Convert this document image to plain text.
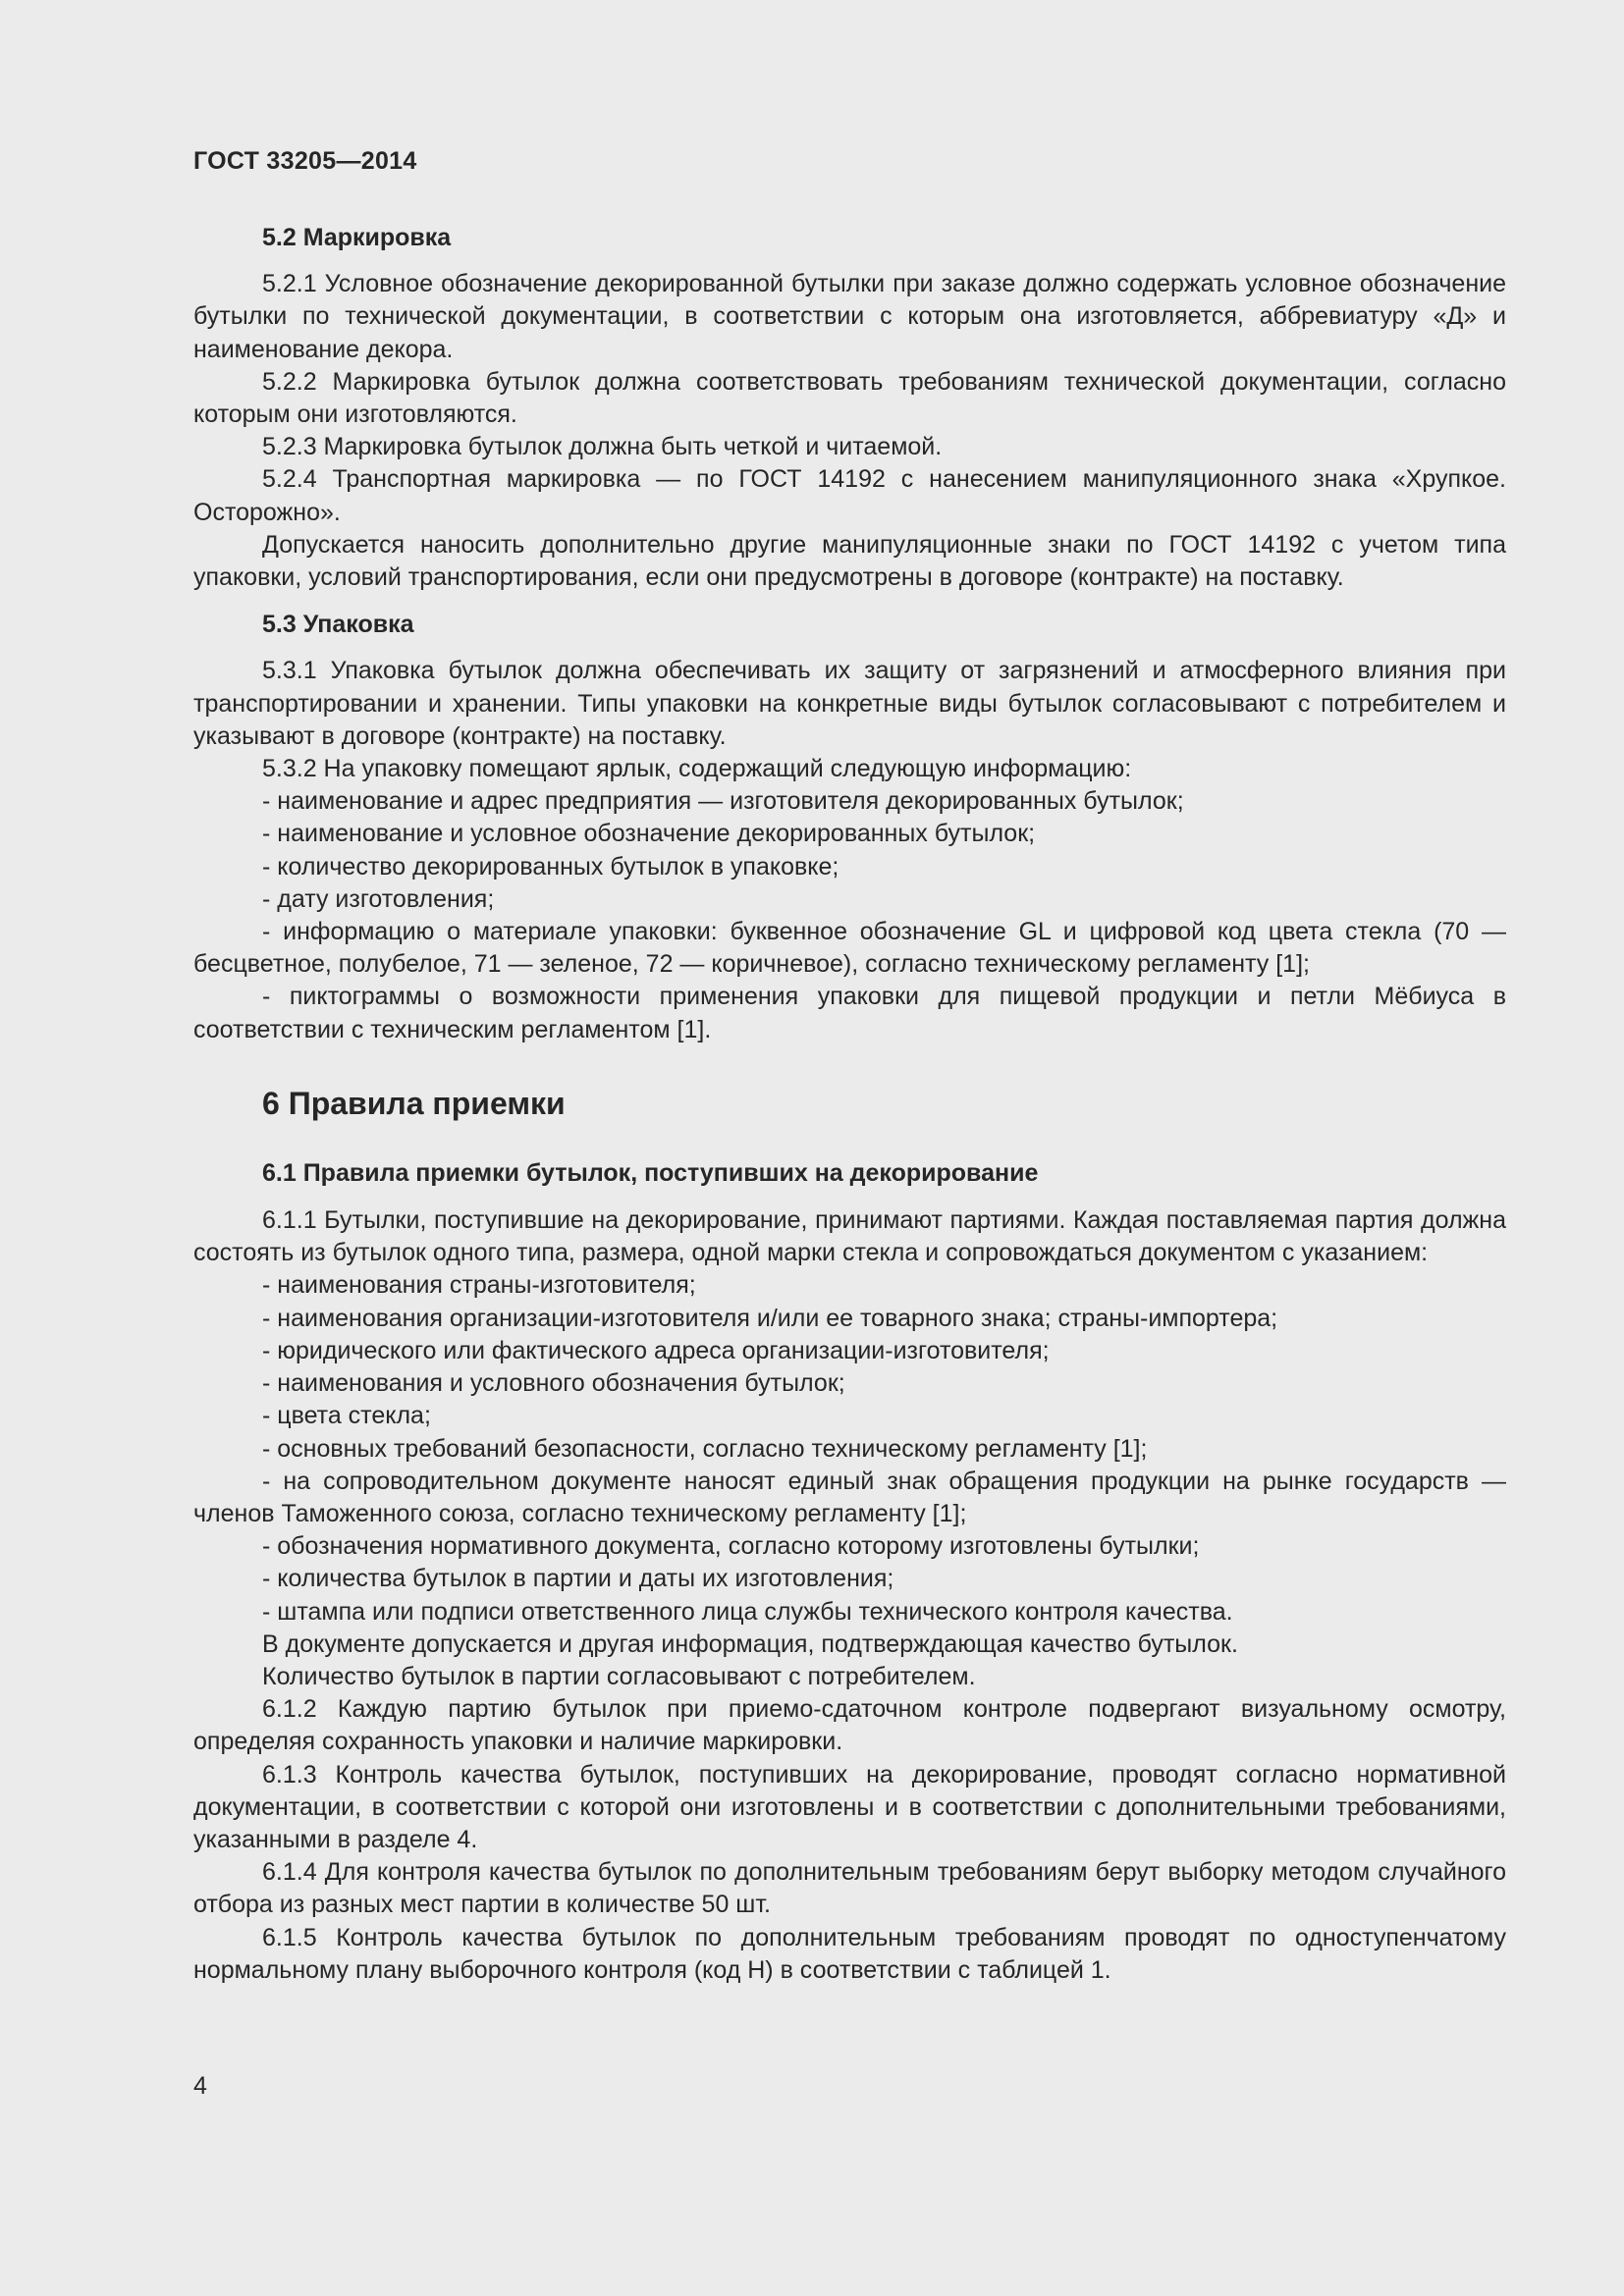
ГОСТ 33205—2014

5.2 Маркировка

5.2.1 Условное обозначение декорированной бутылки при заказе должно содержать условное обозначение бутылки по технической документации, в соответствии с которым она изготовляется, аббревиатуру «Д» и наименование декора.

5.2.2 Маркировка бутылок должна соответствовать требованиям технической документации, согласно которым они изготовляются.

5.2.3 Маркировка бутылок должна быть четкой и читаемой.

5.2.4 Транспортная маркировка — по ГОСТ 14192 с нанесением манипуляционного знака «Хрупкое. Осторожно».

Допускается наносить дополнительно другие манипуляционные знаки по ГОСТ 14192 с учетом типа упаковки, условий транспортирования, если они предусмотрены в договоре (контракте) на поставку.

5.3 Упаковка

5.3.1 Упаковка бутылок должна обеспечивать их защиту от загрязнений и атмосферного влияния при транспортировании и хранении. Типы упаковки на конкретные виды бутылок согласовывают с потребителем и указывают в договоре (контракте) на поставку.

5.3.2 На упаковку помещают ярлык, содержащий следующую информацию:

- наименование и адрес предприятия — изготовителя декорированных бутылок;

- наименование и условное обозначение декорированных бутылок;

- количество декорированных бутылок в упаковке;

- дату изготовления;

- информацию о материале упаковки: буквенное обозначение GL и цифровой код цвета стекла (70 — бесцветное, полубелое, 71 — зеленое, 72 — коричневое), согласно техническому регламенту [1];

- пиктограммы о возможности применения упаковки для пищевой продукции и петли Мёбиуса в соответствии с техническим регламентом [1].

6 Правила приемки

6.1 Правила приемки бутылок, поступивших на декорирование

6.1.1 Бутылки, поступившие на декорирование, принимают партиями. Каждая поставляемая партия должна состоять из бутылок одного типа, размера, одной марки стекла и сопровождаться документом с указанием:

- наименования страны-изготовителя;

- наименования организации-изготовителя и/или ее товарного знака; страны-импортера;

- юридического или фактического адреса организации-изготовителя;

- наименования и условного обозначения бутылок;

- цвета стекла;

- основных требований безопасности, согласно техническому регламенту [1];

- на сопроводительном документе наносят единый знак обращения продукции на рынке государств — членов Таможенного союза, согласно техническому регламенту [1];

- обозначения нормативного документа, согласно которому изготовлены бутылки;

- количества бутылок в партии и даты их изготовления;

- штампа или подписи ответственного лица службы технического контроля качества.

В документе допускается и другая информация, подтверждающая качество бутылок.

Количество бутылок в партии согласовывают с потребителем.

6.1.2 Каждую партию бутылок при приемо-сдаточном контроле подвергают визуальному осмотру, определяя сохранность упаковки и наличие маркировки.

6.1.3 Контроль качества бутылок, поступивших на декорирование, проводят согласно нормативной документации, в соответствии с которой они изготовлены и в соответствии с дополнительными требованиями, указанными в разделе 4.

6.1.4 Для контроля качества бутылок по дополнительным требованиям берут выборку методом случайного отбора из разных мест партии в количестве 50 шт.

6.1.5 Контроль качества бутылок по дополнительным требованиям проводят по одноступенчатому нормальному плану выборочного контроля (код Н) в соответствии с таблицей 1.

4
